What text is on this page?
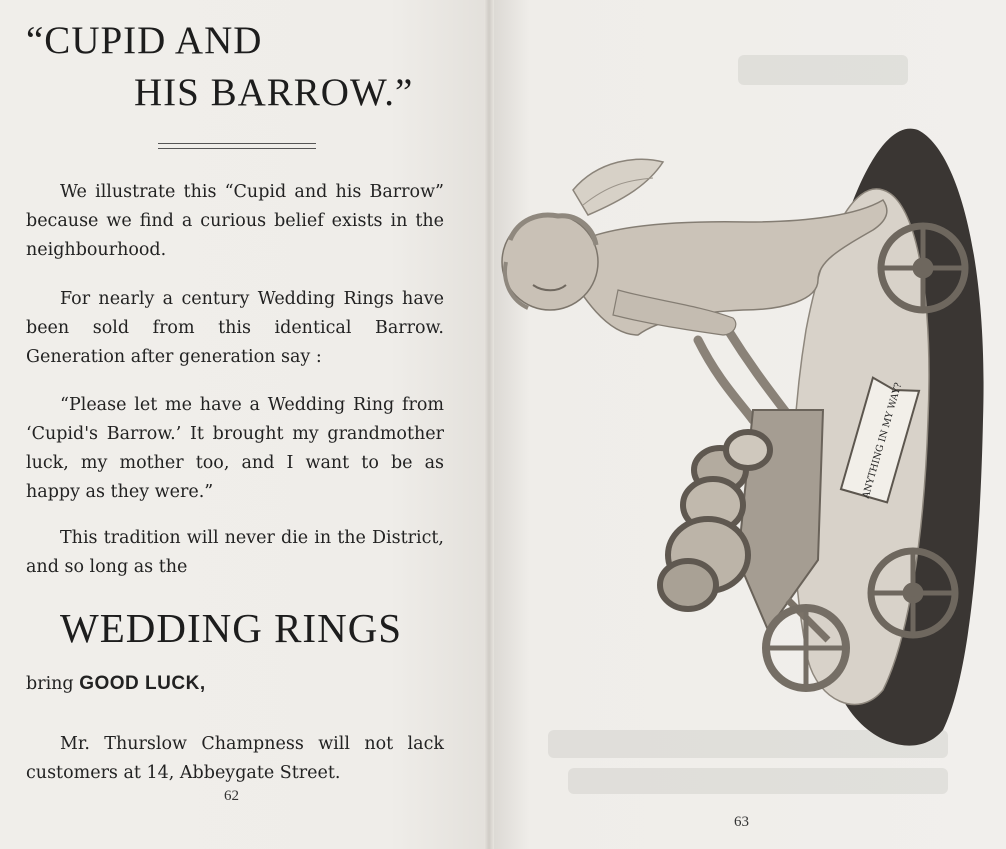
“CUPID AND
HIS BARROW.”

We illustrate this “Cupid and his Barrow” because we find a curious belief exists in the neighbourhood.

For nearly a century Wedding Rings have been sold from this identical Barrow. Generation after generation say :

“Please let me have a Wedding Ring from ‘Cupid's Barrow.’ It brought my grandmother luck, my mother too, and I want to be as happy as they were.”

This tradition will never die in the District, and so long as the

WEDDING RINGS
bring GOOD LUCK,

Mr. Thurslow Champness will not lack customers at 14, Abbeygate Street.

62
ANYTHING IN MY WAY?
63
